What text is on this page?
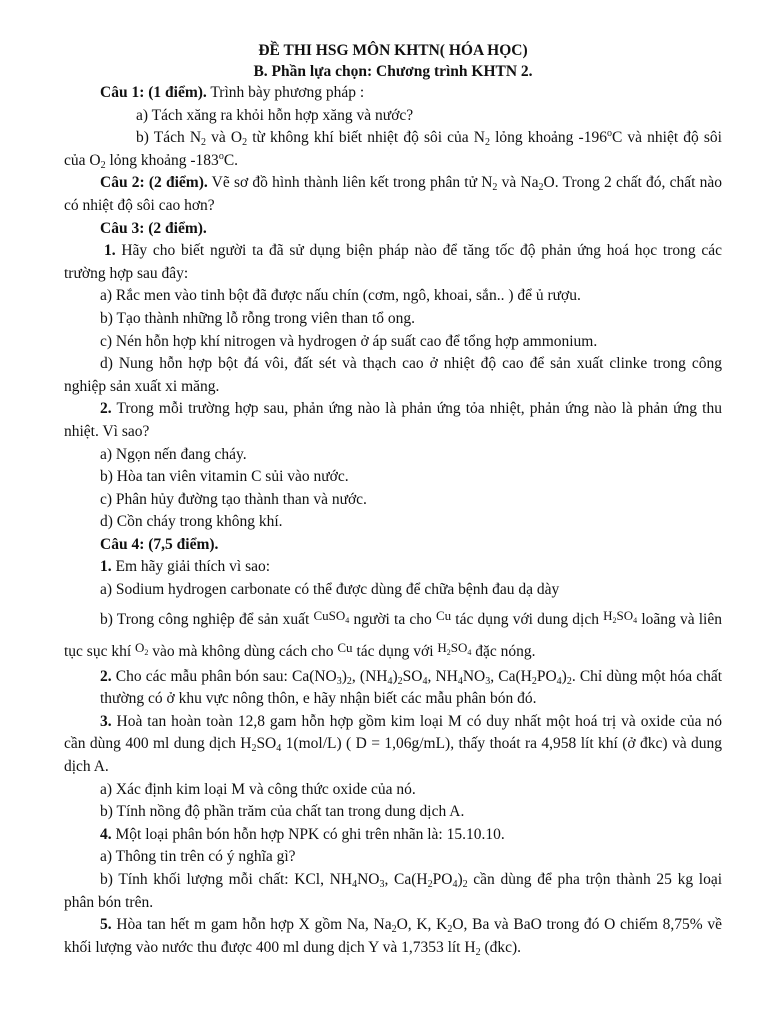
ĐỀ THI HSG MÔN KHTN( HÓA HỌC)
B. Phần lựa chọn: Chương trình KHTN 2.

Câu 1: (1 điểm). Trình bày phương pháp :

a) Tách xăng ra khỏi hỗn hợp xăng và nước?

b) Tách $N_2$ và $O_2$ từ không khí biết nhiệt độ sôi của $N_2$ lỏng khoảng -196$^o$C và nhiệt độ sôi của $O_2$ lỏng khoảng -183$^o$C.

Câu 2: (2 điểm). Vẽ sơ đồ hình thành liên kết trong phân tử $N_2$ và $Na_2O$. Trong 2 chất đó, chất nào có nhiệt độ sôi cao hơn?

Câu 3: (2 điểm).

1. Hãy cho biết người ta đã sử dụng biện pháp nào để tăng tốc độ phản ứng hoá học trong các trường hợp sau đây:

a) Rắc men vào tinh bột đã được nấu chín (cơm, ngô, khoai, sắn.. ) để ủ rượu.

b) Tạo thành những lỗ rỗng trong viên than tổ ong.

c) Nén hỗn hợp khí nitrogen và hydrogen ở áp suất cao để tổng hợp ammonium.

d) Nung hỗn hợp bột đá vôi, đất sét và thạch cao ở nhiệt độ cao để sản xuất clinke trong công nghiệp sản xuất xi măng.

2. Trong mỗi trường hợp sau, phản ứng nào là phản ứng tỏa nhiệt, phản ứng nào là phản ứng thu nhiệt. Vì sao?

a) Ngọn nến đang cháy.

b) Hòa tan viên vitamin C sủi vào nước.

c) Phân hủy đường tạo thành than và nước.

d) Cồn cháy trong không khí.

Câu 4: (7,5 điểm).

1. Em hãy giải thích vì sao:

a) Sodium hydrogen carbonate có thể được dùng để chữa bệnh đau dạ dày

b) Trong công nghiệp để sản xuất $^{CuSO_4}$ người ta cho $^{Cu}$ tác dụng với dung dịch $^{H_2SO_4}$ loãng và liên tục sục khí $^{O_2}$ vào mà không dùng cách cho $^{Cu}$ tác dụng với $^{H_2SO_4}$ đặc nóng.

2. Cho các mẫu phân bón sau: $Ca(NO_3)_2$, $(NH_4)_2SO_4$, $NH_4NO_3$, $Ca(H_2PO_4)_2$. Chỉ dùng một hóa chất thường có ở khu vực nông thôn, e hãy nhận biết các mẫu phân bón đó.

3. Hoà tan hoàn toàn 12,8 gam hỗn hợp gồm kim loại M có duy nhất một hoá trị và oxide của nó cần dùng 400 ml dung dịch $H_2SO_4$ 1(mol/L) ( D = 1,06g/mL), thấy thoát ra 4,958 lít khí (ở đkc) và dung dịch A.

a) Xác định kim loại M và công thức oxide của nó.

b) Tính nồng độ phần trăm của chất tan trong dung dịch A.

4. Một loại phân bón hỗn hợp NPK có ghi trên nhãn là: 15.10.10.

a) Thông tin trên có ý nghĩa gì?

b) Tính khối lượng mỗi chất: KCl, $NH_4NO_3$, $Ca(H_2PO_4)_2$ cần dùng để pha trộn thành 25 kg loại phân bón trên.

5. Hòa tan hết m gam hỗn hợp X gồm Na, $Na_2O$, K, $K_2O$, Ba và BaO trong đó O chiếm 8,75% về khối lượng vào nước thu được 400 ml dung dịch Y và 1,7353 lít $H_2$ (đkc).
